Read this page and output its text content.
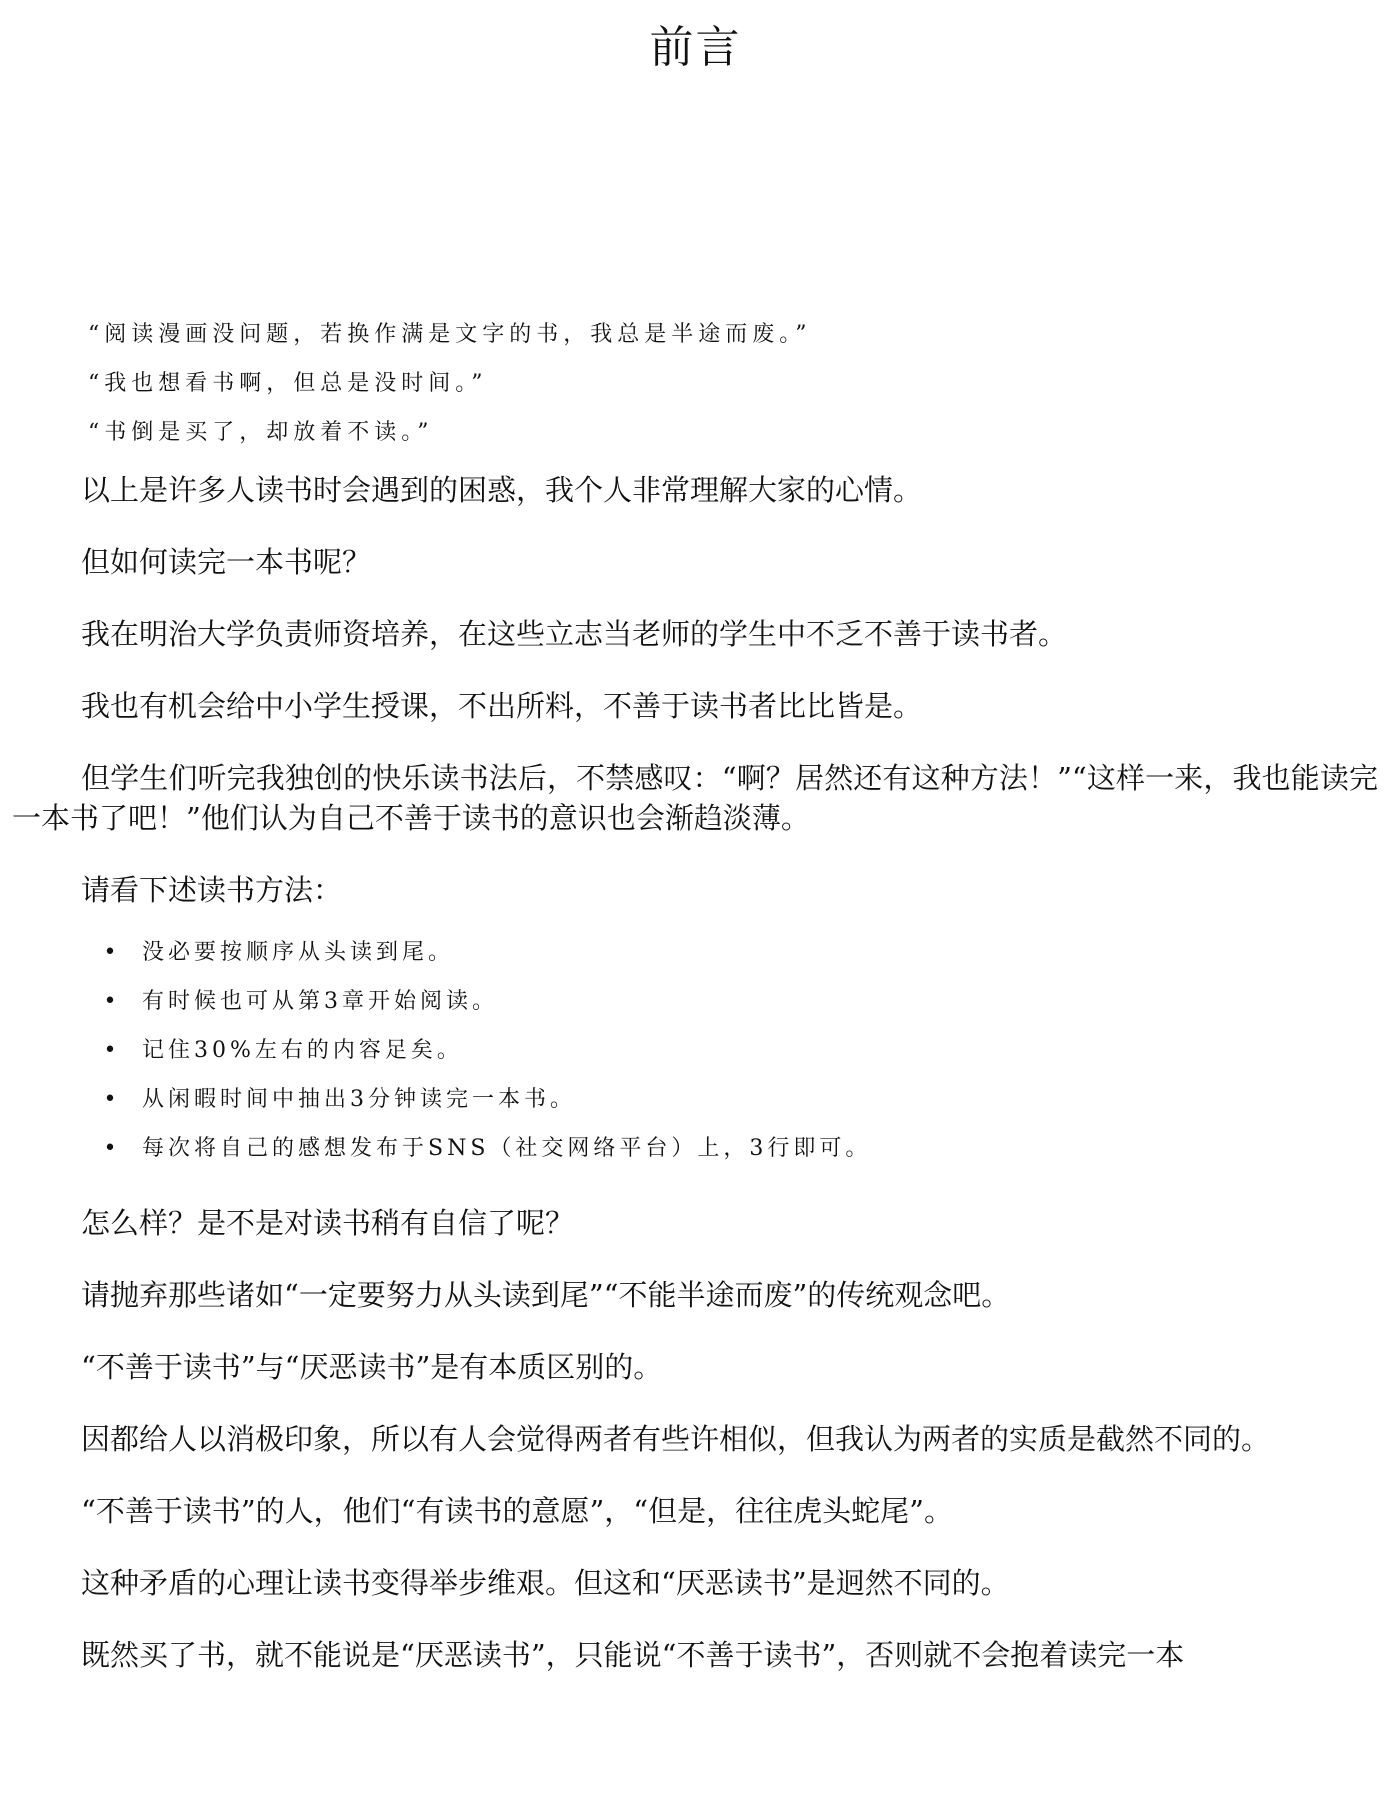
前言

“阅读漫画没问题，若换作满是文字的书，我总是半途而废。”

“我也想看书啊，但总是没时间。”

“书倒是买了，却放着不读。”

以上是许多人读书时会遇到的困惑，我个人非常理解大家的心情。

但如何读完一本书呢？

我在明治大学负责师资培养，在这些立志当老师的学生中不乏不善于读书者。

我也有机会给中小学生授课，不出所料，不善于读书者比比皆是。

但学生们听完我独创的快乐读书法后，不禁感叹：“啊？居然还有这种方法！”“这样一来，我也能读完一本书了吧！”他们认为自己不善于读书的意识也会渐趋淡薄。

请看下述读书方法：

• 没必要按顺序从头读到尾。
• 有时候也可从第3章开始阅读。
• 记住30%左右的内容足矣。
• 从闲暇时间中抽出3分钟读完一本书。
• 每次将自己的感想发布于SNS（社交网络平台）上，3行即可。

怎么样？是不是对读书稍有自信了呢？

请抛弃那些诸如“一定要努力从头读到尾”“不能半途而废”的传统观念吧。

“不善于读书”与“厌恶读书”是有本质区别的。

因都给人以消极印象，所以有人会觉得两者有些许相似，但我认为两者的实质是截然不同的。

“不善于读书”的人，他们“有读书的意愿”，“但是，往往虎头蛇尾”。

这种矛盾的心理让读书变得举步维艰。但这和“厌恶读书”是迥然不同的。

既然买了书，就不能说是“厌恶读书”，只能说“不善于读书”，否则就不会抱着读完一本
